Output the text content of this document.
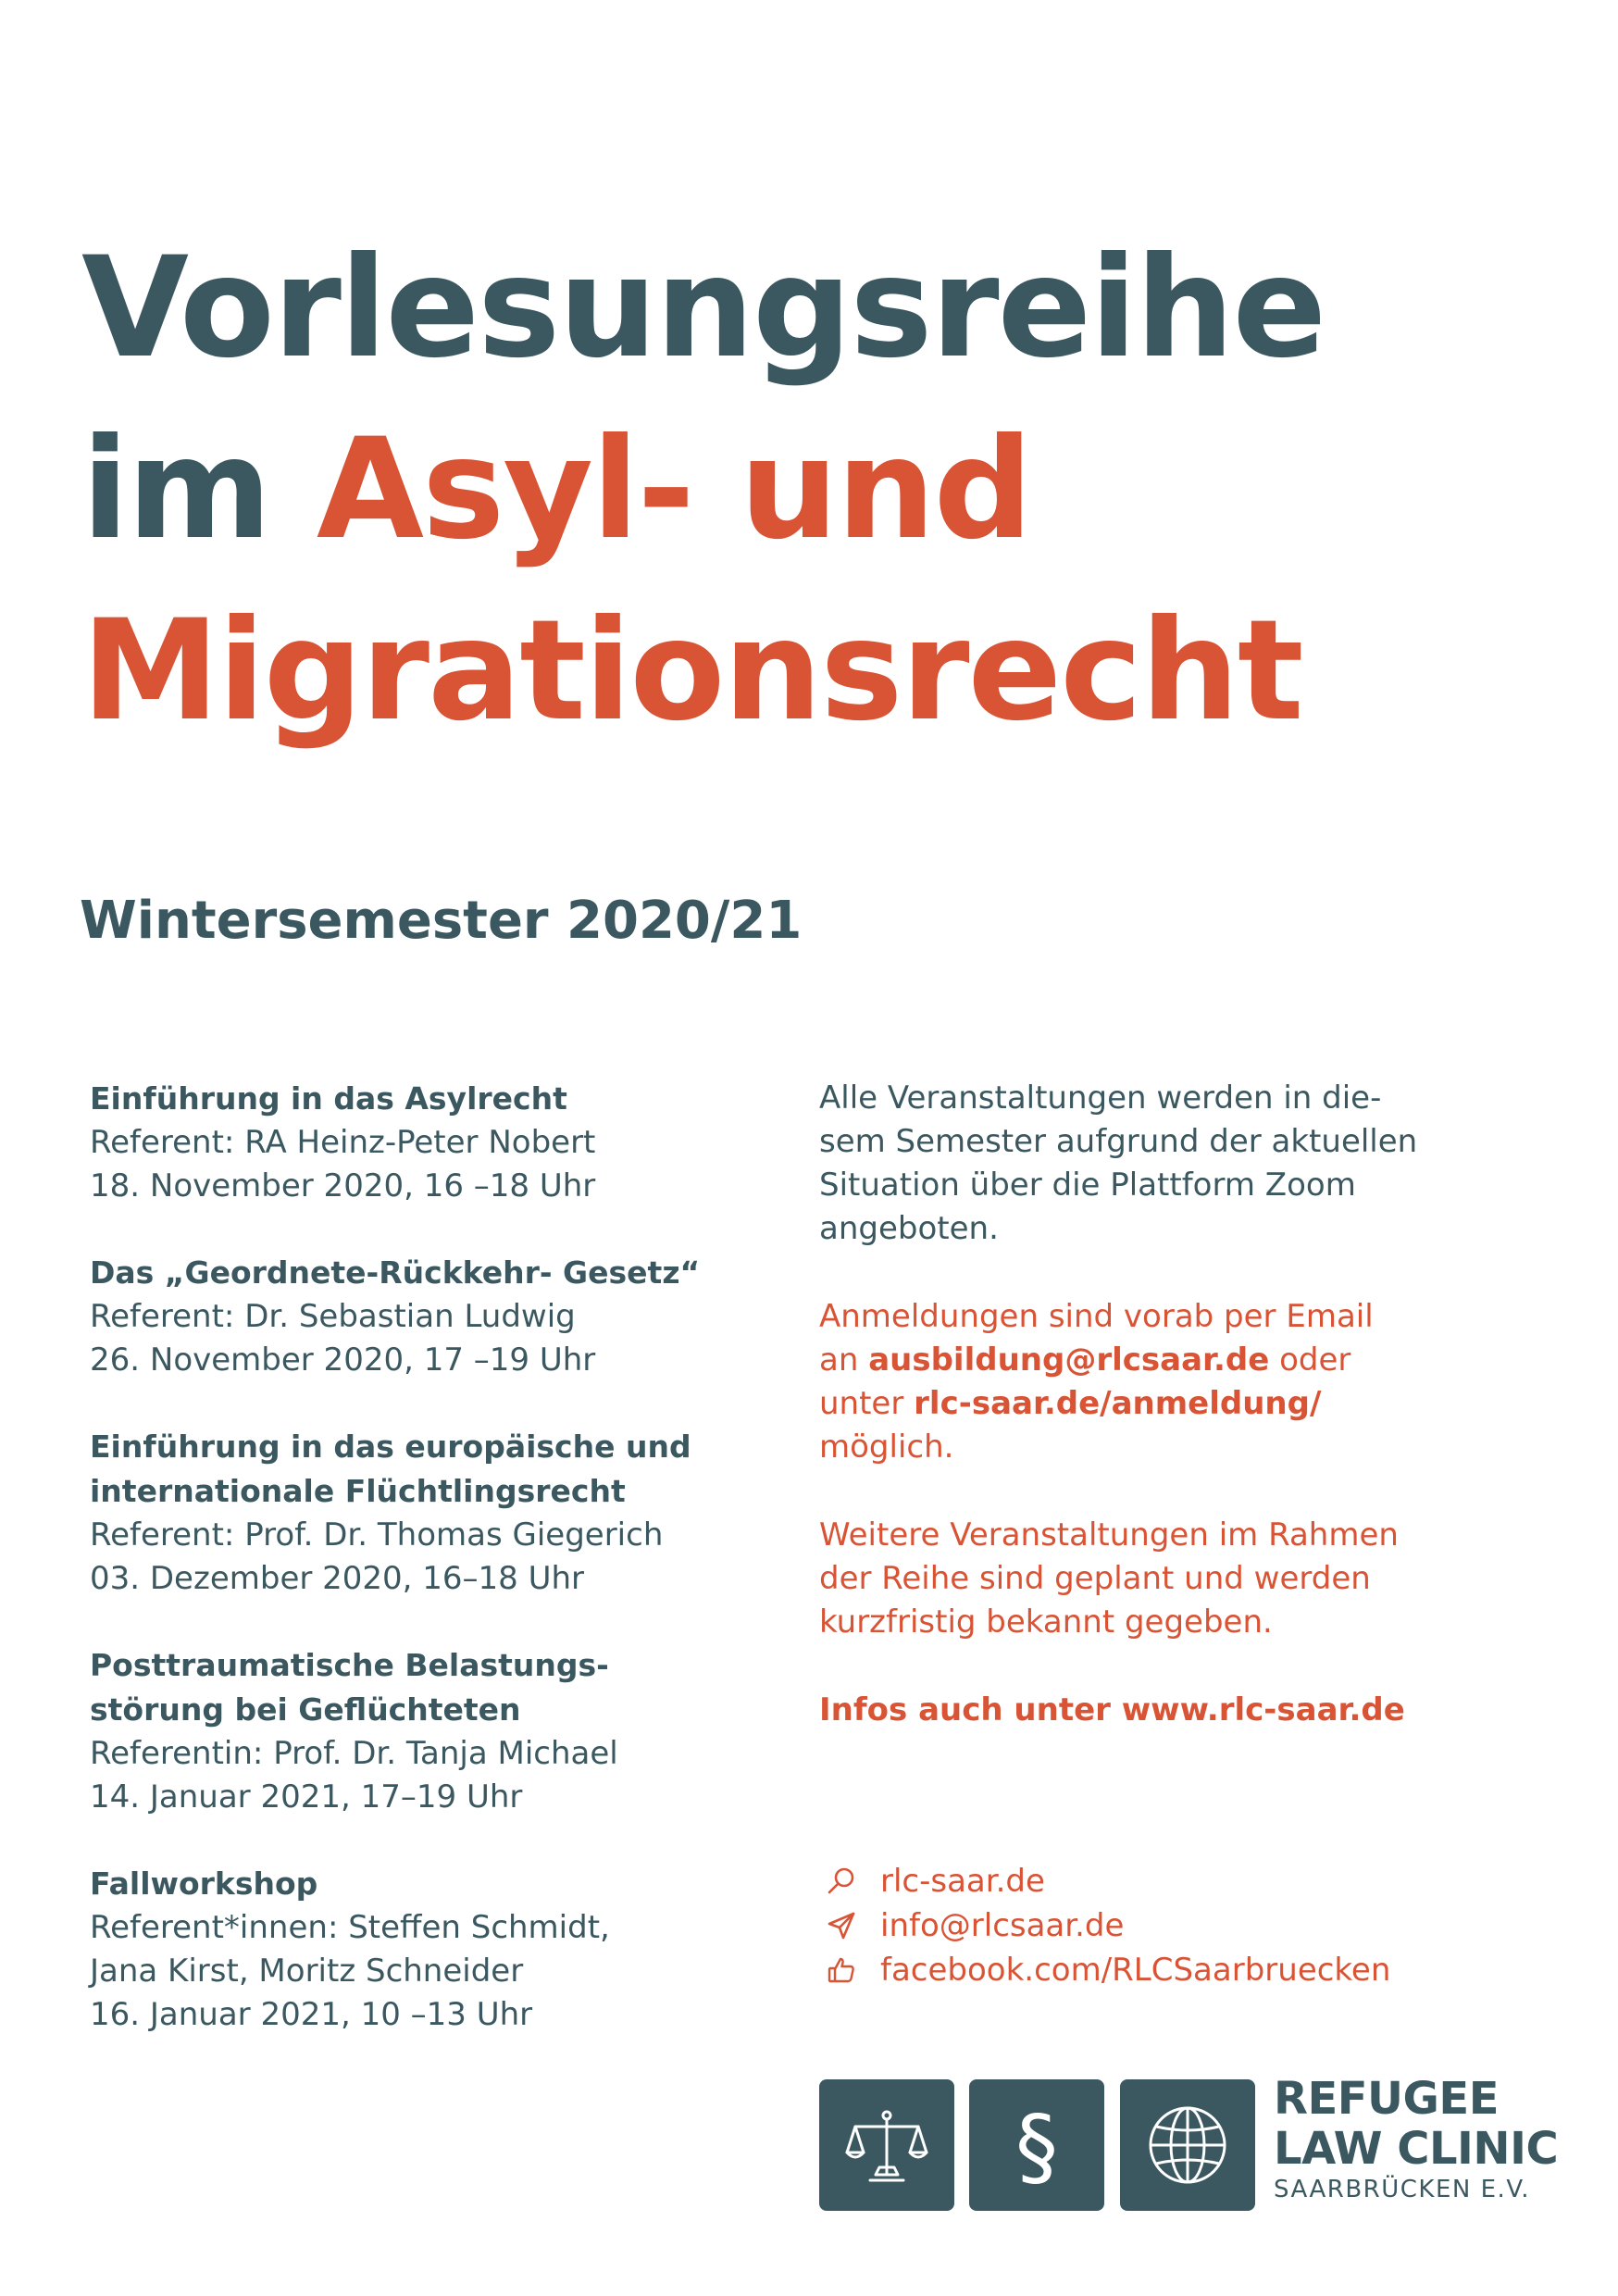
Vorlesungsreihe
im Asyl- und
Migrationsrecht
Wintersemester 2020/21
Einführung in das Asylrecht
Referent: RA Heinz-Peter Nobert
18. November 2020, 16 –18 Uhr
Das „Geordnete-Rückkehr- Gesetz“
Referent: Dr. Sebastian Ludwig
26. November 2020, 17 –19 Uhr
Einführung in das europäische und
internationale Flüchtlingsrecht
Referent: Prof. Dr. Thomas Giegerich
03. Dezember 2020, 16–18 Uhr
Posttraumatische Belastungs-
störung bei Geflüchteten
Referentin: Prof. Dr. Tanja Michael
14. Januar 2021, 17–19 Uhr
Fallworkshop
Referent*innen: Steffen Schmidt,
Jana Kirst, Moritz Schneider
16. Januar 2021, 10 –13 Uhr
Alle Veranstaltungen werden in die-
sem Semester aufgrund der aktuellen
Situation über die Plattform Zoom
angeboten.
Anmeldungen sind vorab per Email
an ausbildung@rlcsaar.de oder
unter rlc-saar.de/anmeldung/
möglich.
Weitere Veranstaltungen im Rahmen
der Reihe sind geplant und werden
kurzfristig bekannt gegeben.
Infos auch unter www.rlc-saar.de
rlc-saar.de
info@rlcsaar.de
facebook.com/RLCSaarbruecken
§	REFUGEE
LAW CLINIC
SAARBRÜCKEN E.V.
